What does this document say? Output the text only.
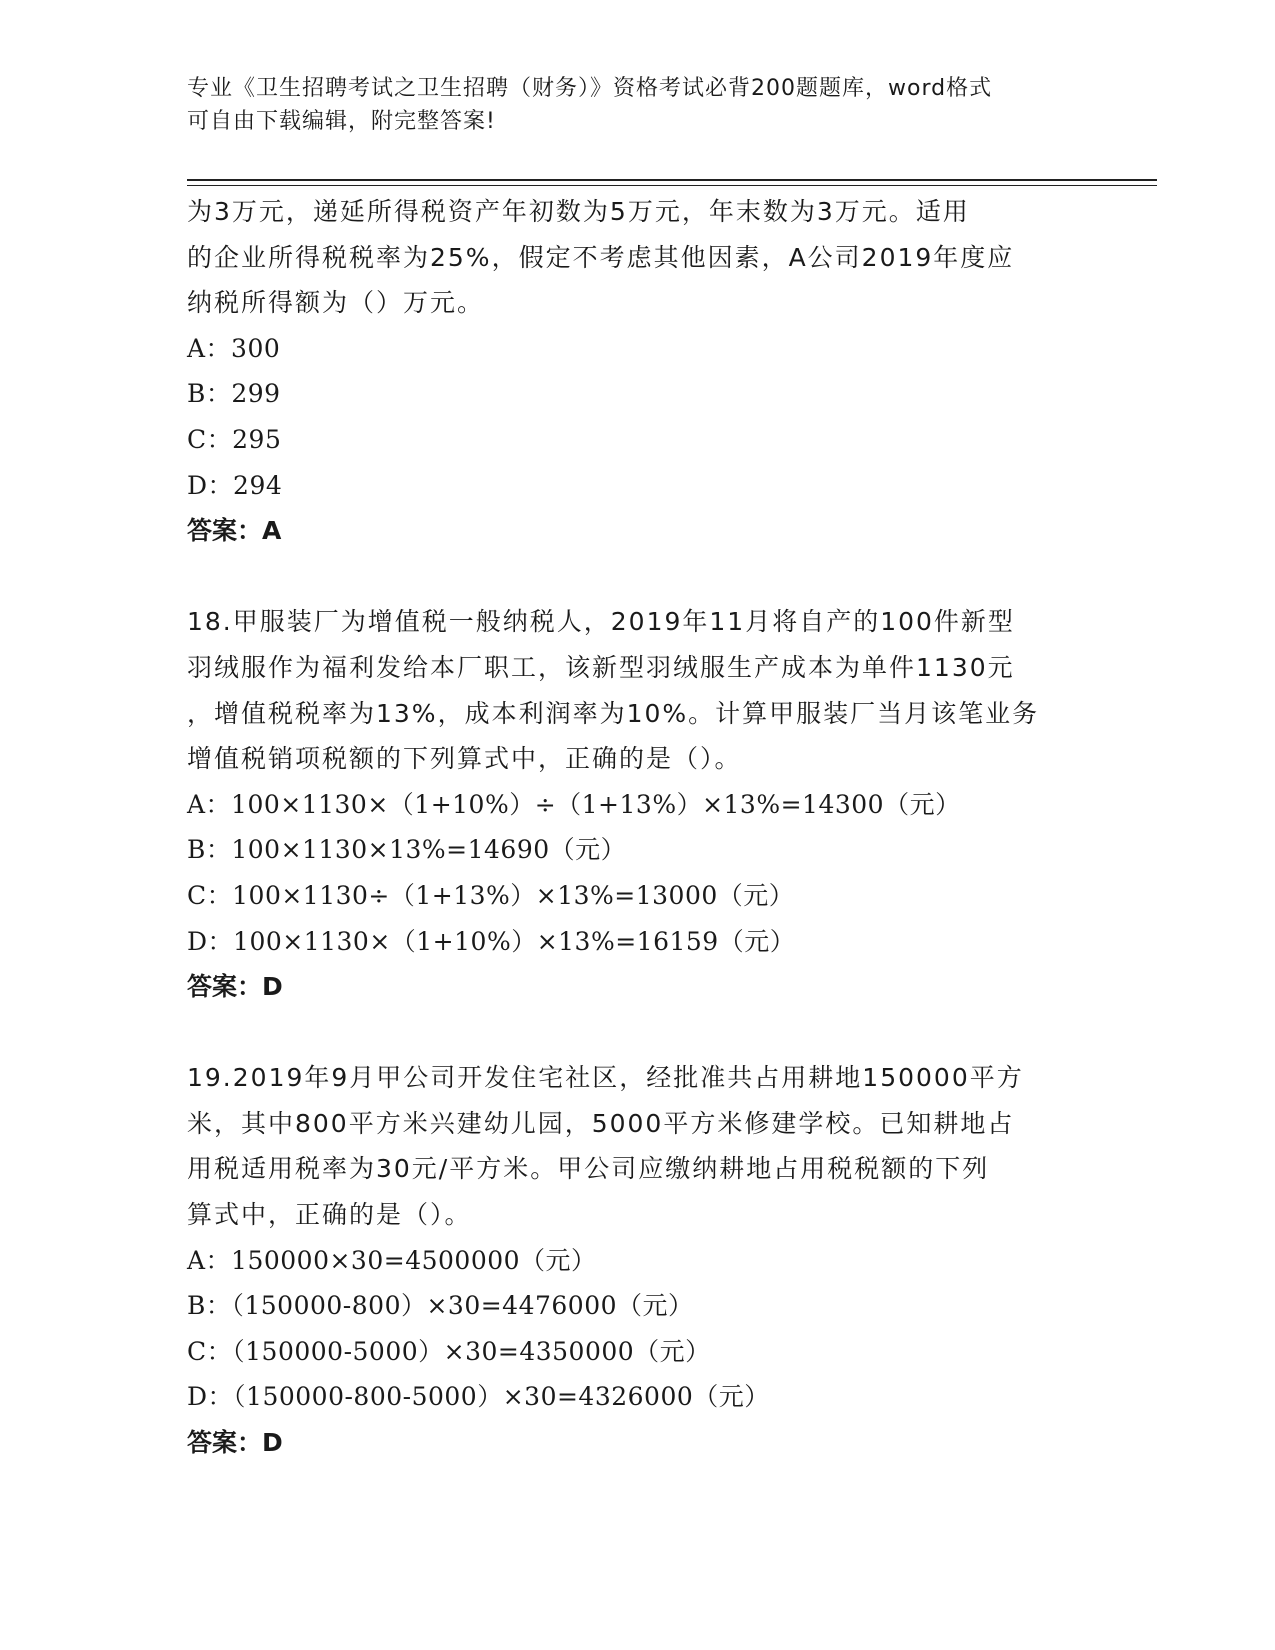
专业《卫生招聘考试之卫生招聘（财务）》资格考试必背200题题库，word格式
可自由下载编辑，附完整答案!
为3万元，递延所得税资产年初数为5万元，年末数为3万元。适用
的企业所得税税率为25%，假定不考虑其他因素，A公司2019年度应
纳税所得额为（）万元。
A：300
B：299
C：295
D：294
答案：A
18.甲服装厂为增值税一般纳税人，2019年11月将自产的100件新型
羽绒服作为福利发给本厂职工，该新型羽绒服生产成本为单件1130元
，增值税税率为13%，成本利润率为10%。计算甲服装厂当月该笔业务
增值税销项税额的下列算式中，正确的是（）。
A：100×1130×（1+10%）÷（1+13%）×13%=14300（元）
B：100×1130×13%=14690（元）
C：100×1130÷（1+13%）×13%=13000（元）
D：100×1130×（1+10%）×13%=16159（元）
答案：D
19.2019年9月甲公司开发住宅社区，经批准共占用耕地150000平方
米，其中800平方米兴建幼儿园，5000平方米修建学校。已知耕地占
用税适用税率为30元/平方米。甲公司应缴纳耕地占用税税额的下列
算式中，正确的是（）。
A：150000×30=4500000（元）
B：（150000-800）×30=4476000（元）
C：（150000-5000）×30=4350000（元）
D：（150000-800-5000）×30=4326000（元）
答案：D
